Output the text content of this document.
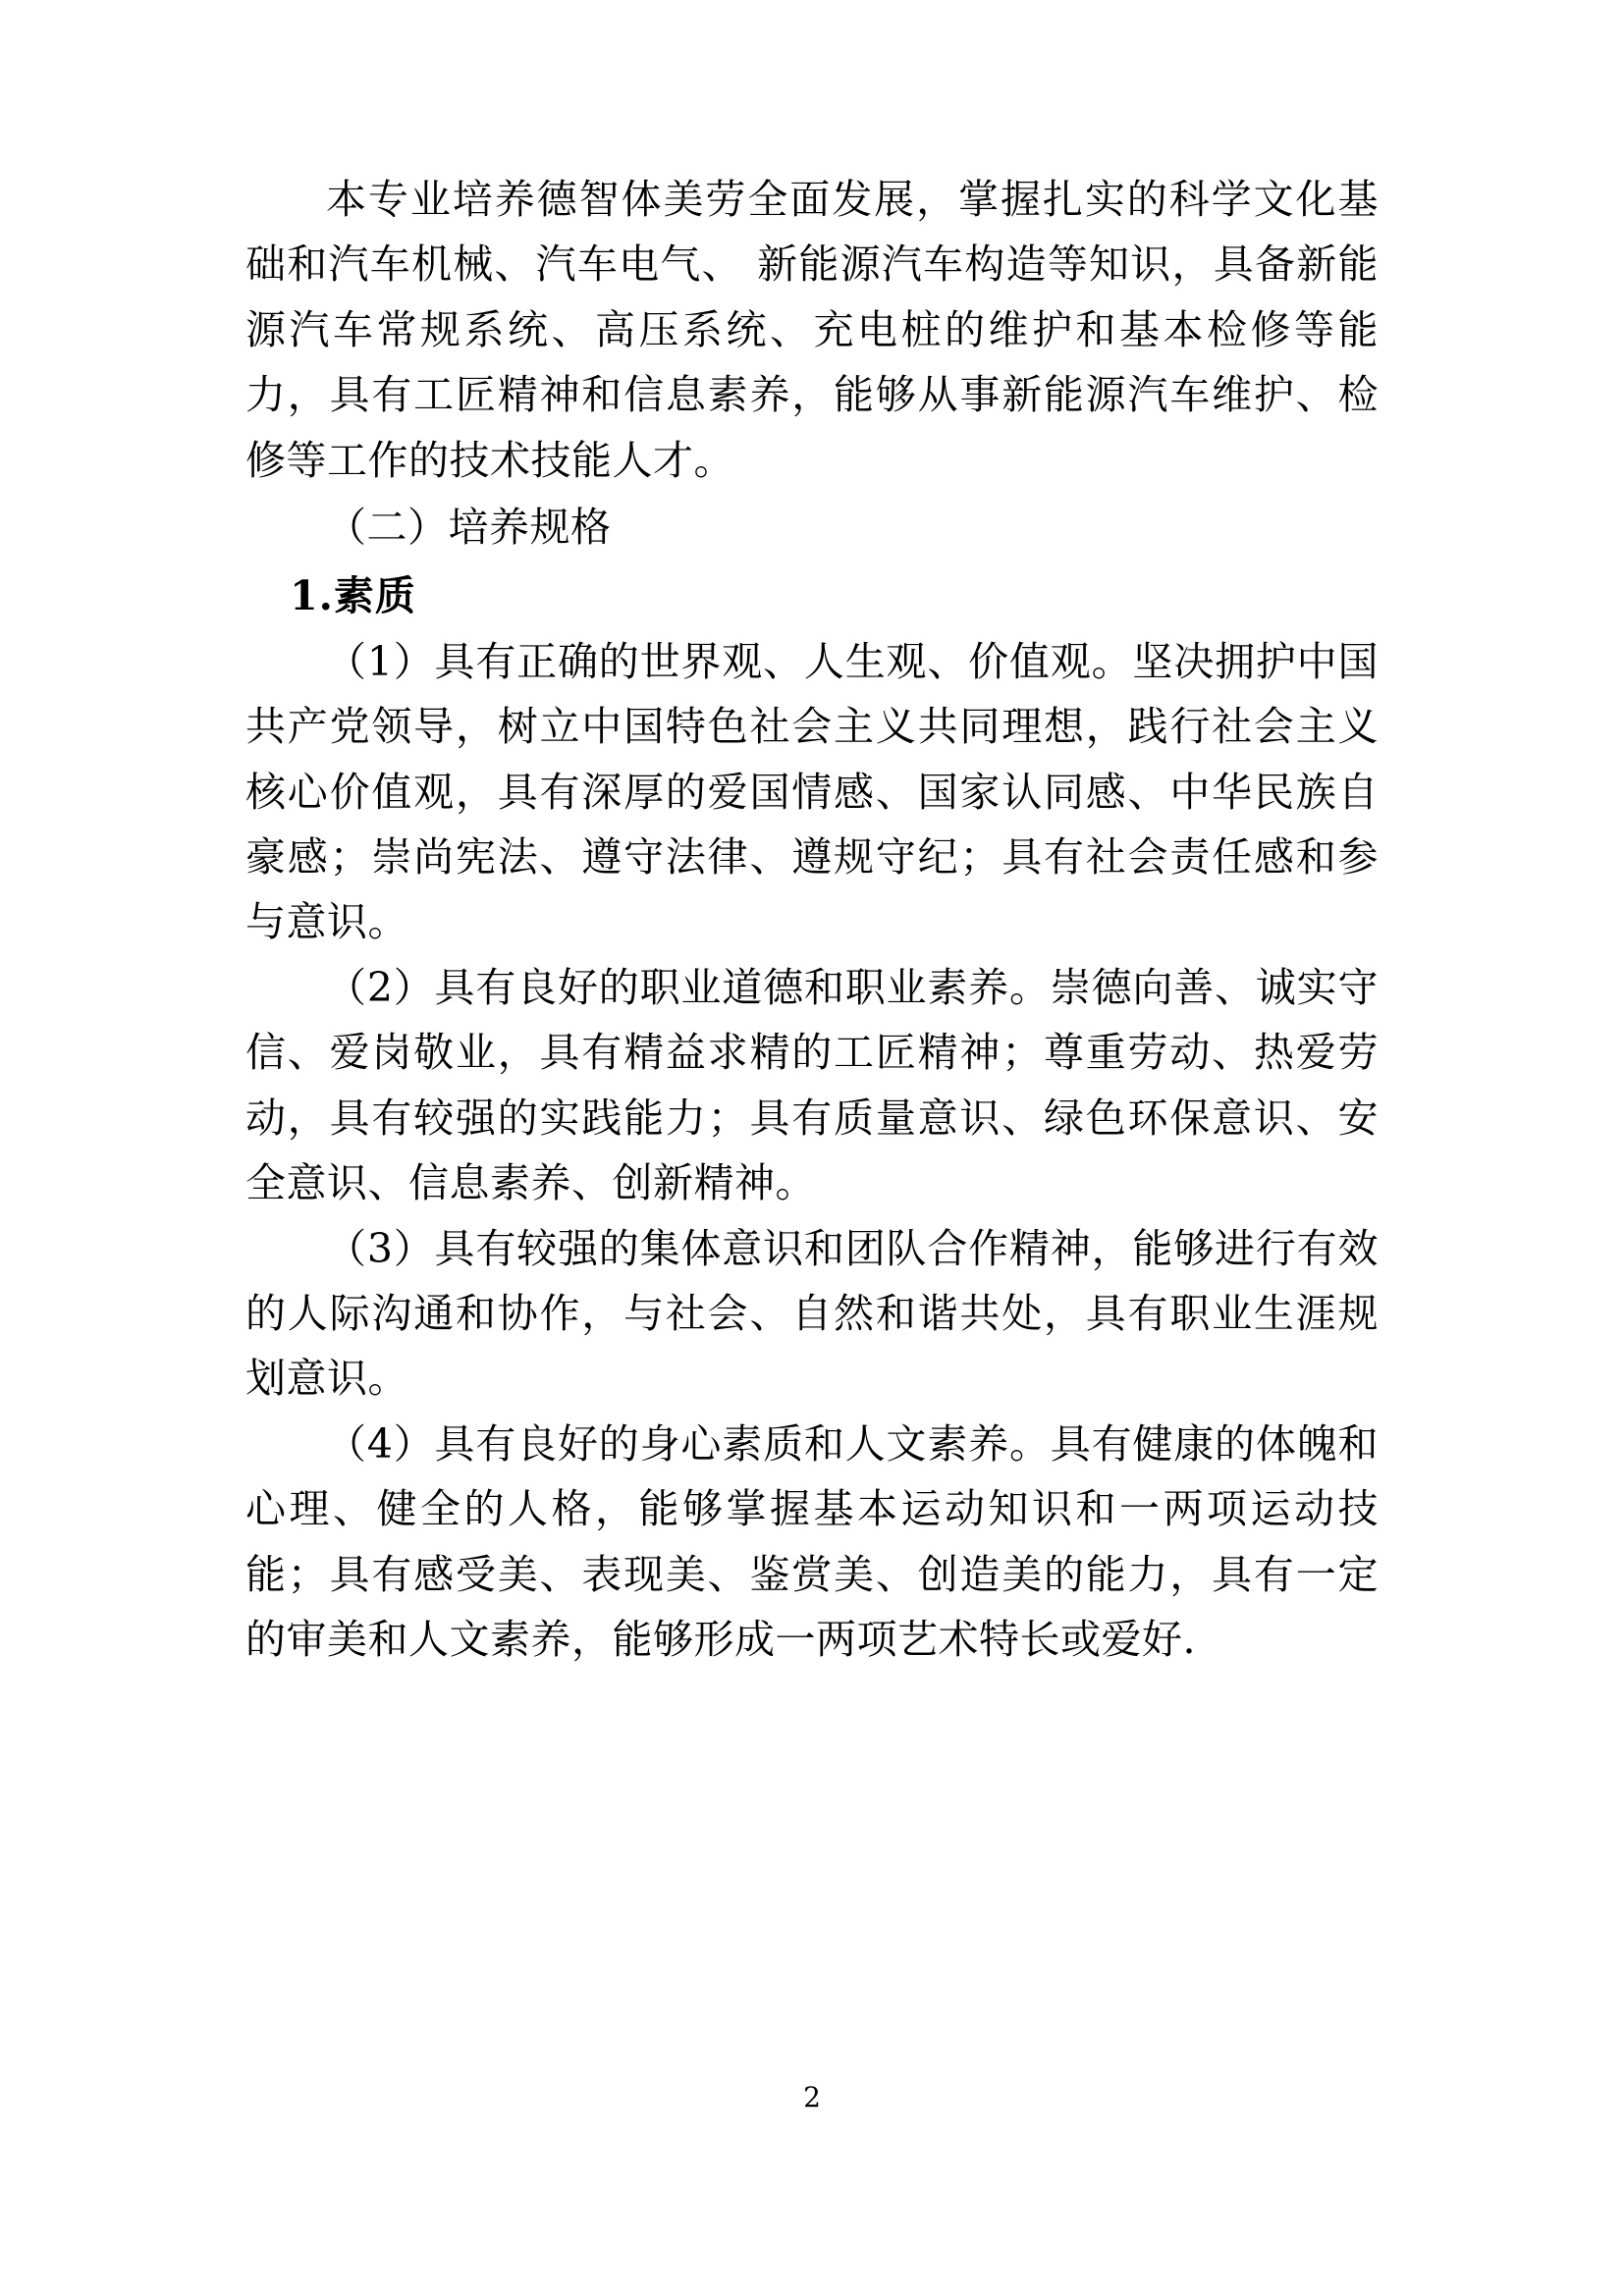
本专业培养德智体美劳全面发展，掌握扎实的科学文化基础和汽车机械、汽车电气、 新能源汽车构造等知识，具备新能源汽车常规系统、高压系统、充电桩的维护和基本检修等能力，具有工匠精神和信息素养，能够从事新能源汽车维护、检修等工作的技术技能人才。

（二）培养规格

1.素质

（1）具有正确的世界观、人生观、价值观。坚决拥护中国共产党领导，树立中国特色社会主义共同理想，践行社会主义核心价值观，具有深厚的爱国情感、国家认同感、中华民族自豪感；崇尚宪法、遵守法律、遵规守纪；具有社会责任感和参与意识。

（2）具有良好的职业道德和职业素养。崇德向善、诚实守信、爱岗敬业，具有精益求精的工匠精神；尊重劳动、热爱劳动，具有较强的实践能力；具有质量意识、绿色环保意识、安全意识、信息素养、创新精神。

（3）具有较强的集体意识和团队合作精神，能够进行有效的人际沟通和协作，与社会、自然和谐共处，具有职业生涯规划意识。

（4）具有良好的身心素质和人文素养。具有健康的体魄和心理、健全的人格，能够掌握基本运动知识和一两项运动技能；具有感受美、表现美、鉴赏美、创造美的能力，具有一定的审美和人文素养，能够形成一两项艺术特长或爱好.

2
